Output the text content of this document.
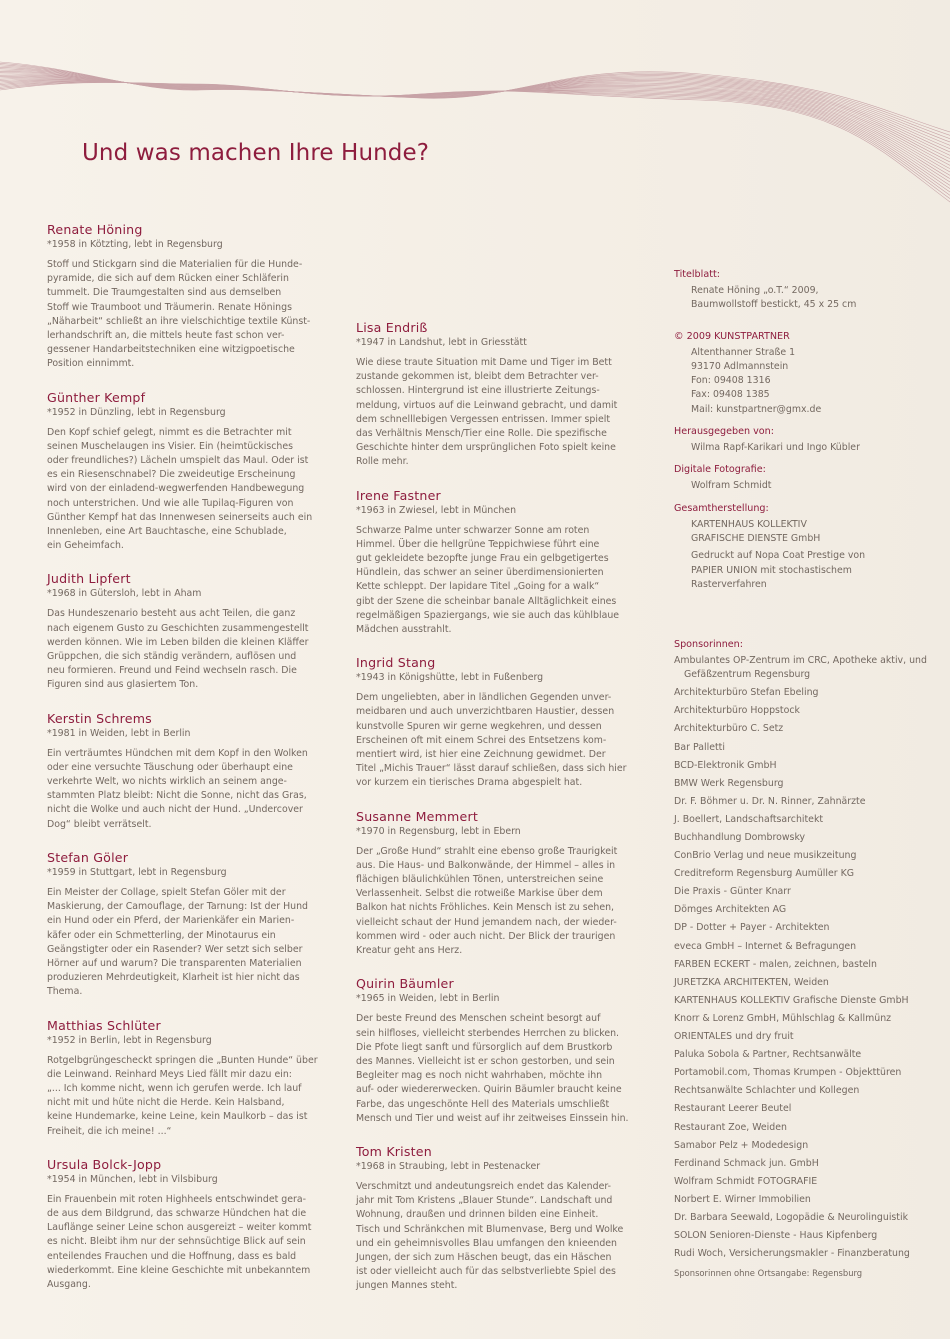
Und was machen Ihre Hunde?

Renate Höning

*1958 in Kötzting, lebt in Regensburg

Stoff und Stickgarn sind die Materialien für die Hunde-
pyramide, die sich auf dem Rücken einer Schläferin
tummelt. Die Traumgestalten sind aus demselben
Stoff wie Traumboot und Träumerin. Renate Hönings
„Näharbeit“ schließt an ihre vielschichtige textile Künst-
lerhandschrift an, die mittels heute fast schon ver-
gessener Handarbeitstechniken eine witzigpoetische
Position einnimmt.

Günther Kempf

*1952 in Dünzling, lebt in Regensburg

Den Kopf schief gelegt, nimmt es die Betrachter mit
seinen Muschelaugen ins Visier. Ein (heimtückisches
oder freundliches?) Lächeln umspielt das Maul. Oder ist
es ein Riesenschnabel? Die zweideutige Erscheinung
wird von der einladend-wegwerfenden Handbewegung
noch unterstrichen. Und wie alle Tupilaq-Figuren von
Günther Kempf hat das Innenwesen seinerseits auch ein
Innenleben, eine Art Bauchtasche, eine Schublade,
ein Geheimfach.

Judith Lipfert

*1968 in Gütersloh, lebt in Aham

Das Hundeszenario besteht aus acht Teilen, die ganz
nach eigenem Gusto zu Geschichten zusammengestellt
werden können. Wie im Leben bilden die kleinen Kläffer
Grüppchen, die sich ständig verändern, auflösen und
neu formieren. Freund und Feind wechseln rasch. Die
Figuren sind aus glasiertem Ton.

Kerstin Schrems

*1981 in Weiden, lebt in Berlin

Ein verträumtes Hündchen mit dem Kopf in den Wolken
oder eine versuchte Täuschung oder überhaupt eine
verkehrte Welt, wo nichts wirklich an seinem ange-
stammten Platz bleibt: Nicht die Sonne, nicht das Gras,
nicht die Wolke und auch nicht der Hund. „Undercover
Dog“ bleibt verrätselt.

Stefan Göler

*1959 in Stuttgart, lebt in Regensburg

Ein Meister der Collage, spielt Stefan Göler mit der
Maskierung, der Camouflage, der Tarnung: Ist der Hund
ein Hund oder ein Pferd, der Marienkäfer ein Marien-
käfer oder ein Schmetterling, der Minotaurus ein
Geängstigter oder ein Rasender? Wer setzt sich selber
Hörner auf und warum? Die transparenten Materialien
produzieren Mehrdeutigkeit, Klarheit ist hier nicht das
Thema.

Matthias Schlüter

*1952 in Berlin, lebt in Regensburg

Rotgelbgrüngescheckt springen die „Bunten Hunde“ über
die Leinwand. Reinhard Meys Lied fällt mir dazu ein:
„... Ich komme nicht, wenn ich gerufen werde. Ich lauf
nicht mit und hüte nicht die Herde. Kein Halsband,
keine Hundemarke, keine Leine, kein Maulkorb – das ist
Freiheit, die ich meine! ...“

Ursula Bolck-Jopp

*1954 in München, lebt in Vilsbiburg

Ein Frauenbein mit roten Highheels entschwindet gera-
de aus dem Bildgrund, das schwarze Hündchen hat die
Lauflänge seiner Leine schon ausgereizt – weiter kommt
es nicht. Bleibt ihm nur der sehnsüchtige Blick auf sein
enteilendes Frauchen und die Hoffnung, dass es bald
wiederkommt. Eine kleine Geschichte mit unbekanntem
Ausgang.

Lisa Endriß

*1947 in Landshut, lebt in Griesstätt

Wie diese traute Situation mit Dame und Tiger im Bett
zustande gekommen ist, bleibt dem Betrachter ver-
schlossen. Hintergrund ist eine illustrierte Zeitungs-
meldung, virtuos auf die Leinwand gebracht, und damit
dem schnelllebigen Vergessen entrissen. Immer spielt
das Verhältnis Mensch/Tier eine Rolle. Die spezifische
Geschichte hinter dem ursprünglichen Foto spielt keine
Rolle mehr.

Irene Fastner

*1963 in Zwiesel, lebt in München

Schwarze Palme unter schwarzer Sonne am roten
Himmel. Über die hellgrüne Teppichwiese führt eine
gut gekleidete bezopfte junge Frau ein gelbgetigertes
Hündlein, das schwer an seiner überdimensionierten
Kette schleppt. Der lapidare Titel „Going for a walk“
gibt der Szene die scheinbar banale Alltäglichkeit eines
regelmäßigen Spaziergangs, wie sie auch das kühlblaue
Mädchen ausstrahlt.

Ingrid Stang

*1943 in Königshütte, lebt in Fußenberg

Dem ungeliebten, aber in ländlichen Gegenden unver-
meidbaren und auch unverzichtbaren Haustier, dessen
kunstvolle Spuren wir gerne wegkehren, und dessen
Erscheinen oft mit einem Schrei des Entsetzens kom-
mentiert wird, ist hier eine Zeichnung gewidmet. Der
Titel „Michis Trauer“ lässt darauf schließen, dass sich hier
vor kurzem ein tierisches Drama abgespielt hat.

Susanne Memmert

*1970 in Regensburg, lebt in Ebern

Der „Große Hund“ strahlt eine ebenso große Traurigkeit
aus. Die Haus- und Balkonwände, der Himmel – alles in
flächigen bläulichkühlen Tönen, unterstreichen seine
Verlassenheit. Selbst die rotweiße Markise über dem
Balkon hat nichts Fröhliches. Kein Mensch ist zu sehen,
vielleicht schaut der Hund jemandem nach, der wieder-
kommen wird - oder auch nicht. Der Blick der traurigen
Kreatur geht ans Herz.

Quirin Bäumler

*1965 in Weiden, lebt in Berlin

Der beste Freund des Menschen scheint besorgt auf
sein hilfloses, vielleicht sterbendes Herrchen zu blicken.
Die Pfote liegt sanft und fürsorglich auf dem Brustkorb
des Mannes. Vielleicht ist er schon gestorben, und sein
Begleiter mag es noch nicht wahrhaben, möchte ihn
auf- oder wiedererwecken. Quirin Bäumler braucht keine
Farbe, das ungeschönte Hell des Materials umschließt
Mensch und Tier und weist auf ihr zeitweises Einssein hin.

Tom Kristen

*1968 in Straubing, lebt in Pestenacker

Verschmitzt und andeutungsreich endet das Kalender-
jahr mit Tom Kristens „Blauer Stunde“. Landschaft und
Wohnung, draußen und drinnen bilden eine Einheit.
Tisch und Schränkchen mit Blumenvase, Berg und Wolke
und ein geheimnisvolles Blau umfangen den knieenden
Jungen, der sich zum Häschen beugt, das ein Häschen
ist oder vielleicht auch für das selbstverliebte Spiel des
jungen Mannes steht.

Titelblatt:

Renate Höning „o.T.“ 2009,
Baumwollstoff bestickt, 45 x 25 cm

© 2009 KUNSTPARTNER

Altenthanner Straße 1
93170 Adlmannstein
Fon: 09408 1316
Fax: 09408 1385
Mail: kunstpartner@gmx.de

Herausgegeben von:

Wilma Rapf-Karikari und Ingo Kübler

Digitale Fotografie:

Wolfram Schmidt

Gesamtherstellung:

KARTENHAUS KOLLEKTIV
GRAFISCHE DIENSTE GmbH
Gedruckt auf Nopa Coat Prestige von
PAPIER UNION mit stochastischem
Rasterverfahren

Sponsorinnen:

Ambulantes OP-Zentrum im CRC, Apotheke aktiv, und Gefäßzentrum Regensburg
Architekturbüro Stefan Ebeling
Architekturbüro Hoppstock
Architekturbüro C. Setz
Bar Palletti
BCD-Elektronik GmbH
BMW Werk Regensburg
Dr. F. Böhmer u. Dr. N. Rinner, Zahnärzte
J. Boellert, Landschaftsarchitekt
Buchhandlung Dombrowsky
ConBrio Verlag und neue musikzeitung
Creditreform Regensburg Aumüller KG
Die Praxis - Günter Knarr
Dömges Architekten AG
DP - Dotter + Payer - Architekten
eveca GmbH – Internet & Befragungen
FARBEN ECKERT - malen, zeichnen, basteln
JURETZKA ARCHITEKTEN, Weiden
KARTENHAUS KOLLEKTIV Grafische Dienste GmbH
Knorr & Lorenz GmbH, Mühlschlag & Kallmünz
ORIENTALES und dry fruit
Paluka Sobola & Partner, Rechtsanwälte
Portamobil.com, Thomas Krumpen - Objekttüren
Rechtsanwälte Schlachter und Kollegen
Restaurant Leerer Beutel
Restaurant Zoe, Weiden
Samabor Pelz + Modedesign
Ferdinand Schmack jun. GmbH
Wolfram Schmidt FOTOGRAFIE
Norbert E. Wirner Immobilien
Dr. Barbara Seewald, Logopädie & Neurolinguistik
SOLON Senioren-Dienste - Haus Kipfenberg
Rudi Woch, Versicherungsmakler - Finanzberatung
Sponsorinnen ohne Ortsangabe: Regensburg
